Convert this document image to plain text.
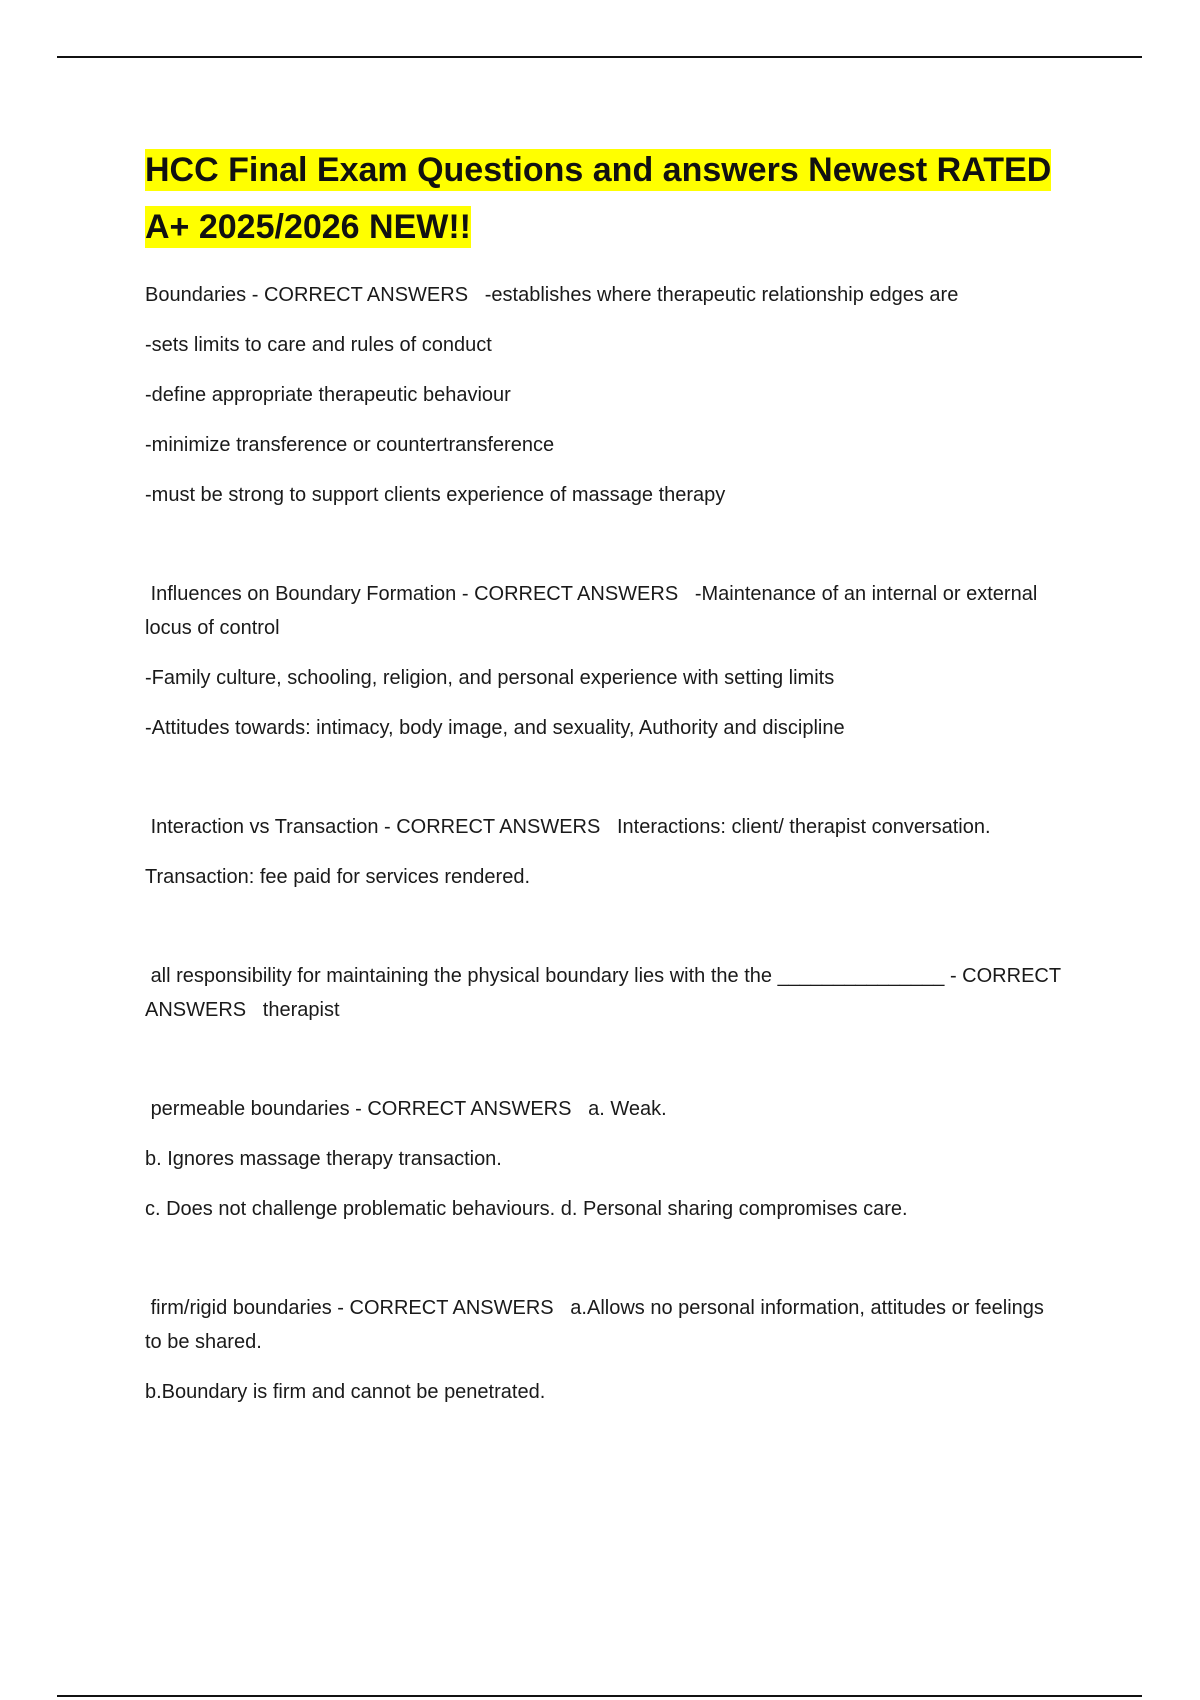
HCC Final Exam Questions and answers Newest RATED A+ 2025/2026 NEW!!

Boundaries - CORRECT ANSWERS   -establishes where therapeutic relationship edges are

-sets limits to care and rules of conduct

-define appropriate therapeutic behaviour

-minimize transference or countertransference

-must be strong to support clients experience of massage therapy

Influences on Boundary Formation - CORRECT ANSWERS   -Maintenance of an internal or external locus of control

-Family culture, schooling, religion, and personal experience with setting limits

-Attitudes towards: intimacy, body image, and sexuality, Authority and discipline

Interaction vs Transaction - CORRECT ANSWERS   Interactions: client/ therapist conversation.

Transaction: fee paid for services rendered.

all responsibility for maintaining the physical boundary lies with the the _______________ - CORRECT ANSWERS   therapist

permeable boundaries - CORRECT ANSWERS   a. Weak.

b. Ignores massage therapy transaction.

c. Does not challenge problematic behaviours. d. Personal sharing compromises care.

firm/rigid boundaries - CORRECT ANSWERS   a.Allows no personal information, attitudes or feelings to be shared.

b.Boundary is firm and cannot be penetrated.
